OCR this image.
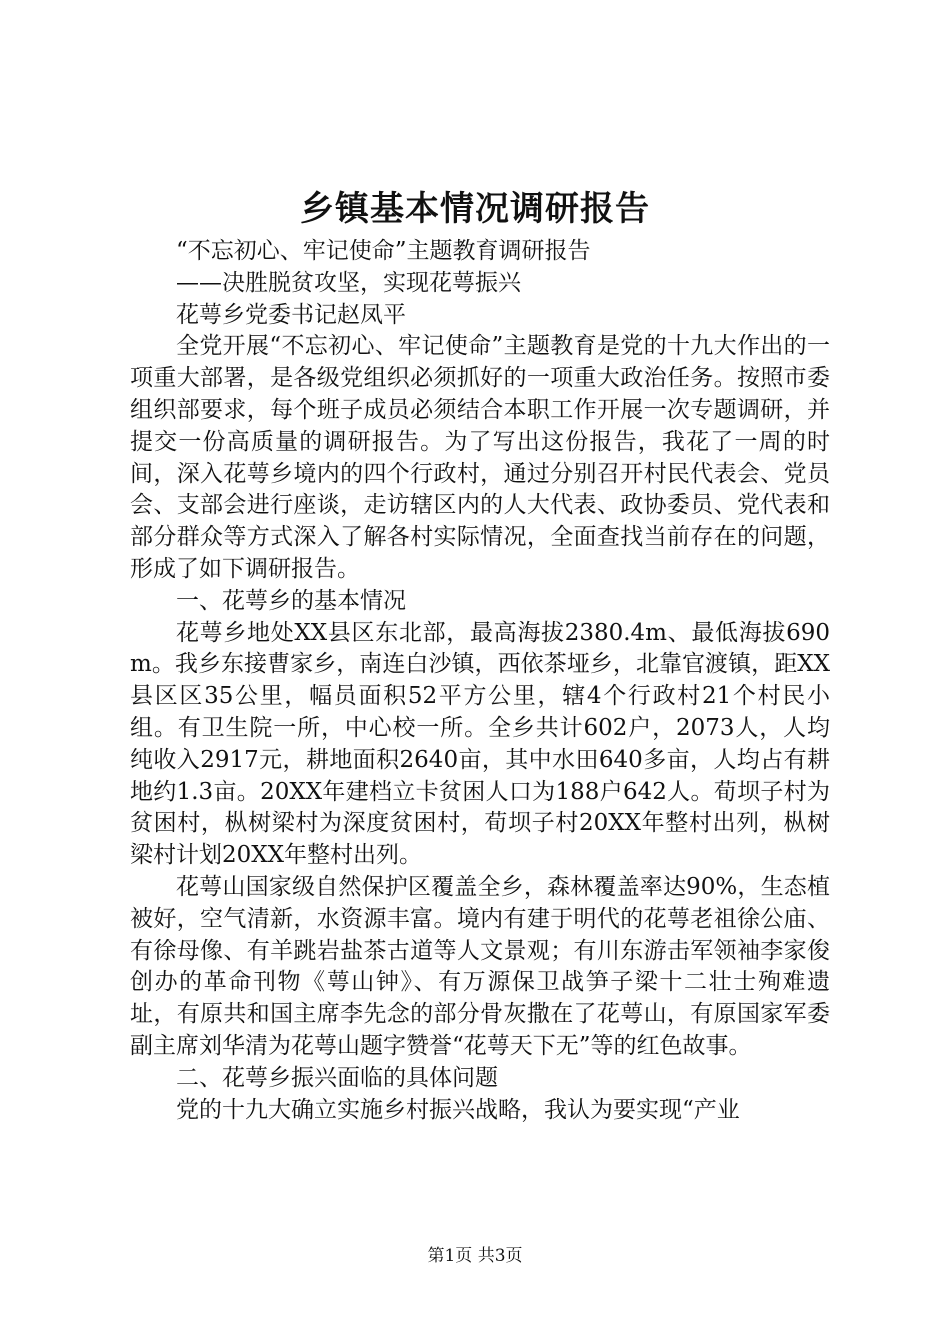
乡镇基本情况调研报告

“不忘初心、牢记使命”主题教育调研报告

——决胜脱贫攻坚，实现花萼振兴

花萼乡党委书记赵凤平

全党开展“不忘初心、牢记使命”主题教育是党的十九大作出的一项重大部署，是各级党组织必须抓好的一项重大政治任务。按照市委组织部要求，每个班子成员必须结合本职工作开展一次专题调研，并提交一份高质量的调研报告。为了写出这份报告，我花了一周的时间，深入花萼乡境内的四个行政村，通过分别召开村民代表会、党员会、支部会进行座谈，走访辖区内的人大代表、政协委员、党代表和部分群众等方式深入了解各村实际情况，全面查找当前存在的问题，形成了如下调研报告。

一、花萼乡的基本情况

花萼乡地处XX县区东北部，最高海拔2380.4m、最低海拔690m。我乡东接曹家乡，南连白沙镇，西依茶垭乡，北靠官渡镇，距XX县区区35公里，幅员面积52平方公里，辖4个行政村21个村民小组。有卫生院一所，中心校一所。全乡共计602户，2073人，人均纯收入2917元，耕地面积2640亩，其中水田640多亩，人均占有耕地约1.3亩。20XX年建档立卡贫困人口为188户642人。荀坝子村为贫困村，枞树梁村为深度贫困村，荀坝子村20XX年整村出列，枞树梁村计划20XX年整村出列。

花萼山国家级自然保护区覆盖全乡，森林覆盖率达90%，生态植被好，空气清新，水资源丰富。境内有建于明代的花萼老祖徐公庙、有徐母像、有羊跳岩盐茶古道等人文景观；有川东游击军领袖李家俊创办的革命刊物《萼山钟》、有万源保卫战笋子梁十二壮士殉难遗址，有原共和国主席李先念的部分骨灰撒在了花萼山，有原国家军委副主席刘华清为花萼山题字赞誉“花萼天下无”等的红色故事。

二、花萼乡振兴面临的具体问题

党的十九大确立实施乡村振兴战略，我认为要实现“产业

第1页 共3页
